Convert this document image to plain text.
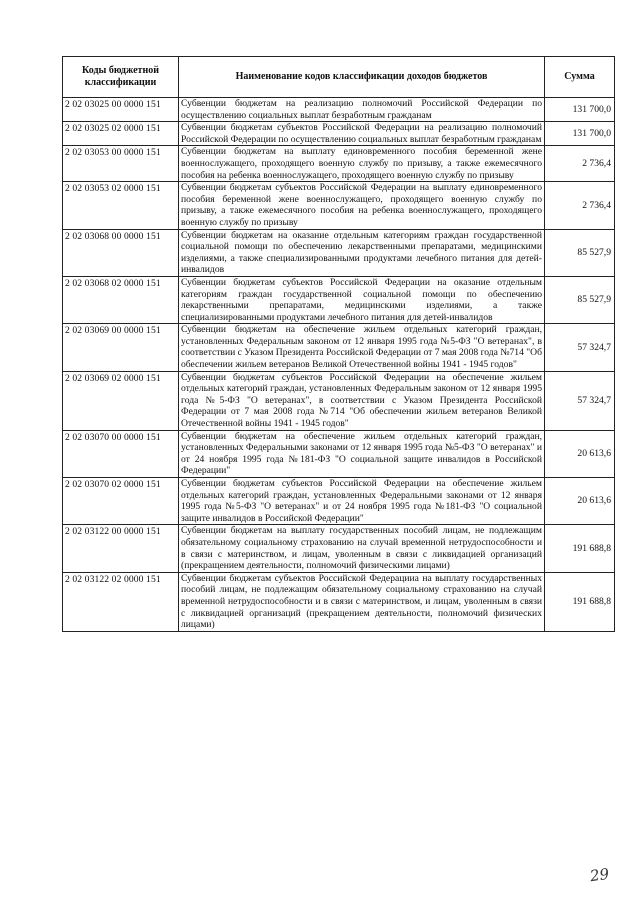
Коды бюджетной классификации	Наименование кодов классификации доходов бюджетов	Сумма
2 02 03025 00 0000 151	Субвенции бюджетам на реализацию полномочий Российской Федерации по осуществлению социальных выплат безработным гражданам	131 700,0
2 02 03025 02 0000 151	Субвенции бюджетам субъектов Российской Федерации на реализацию полномочий Российской Федерации по осуществлению социальных выплат безработным гражданам	131 700,0
2 02 03053 00 0000 151	Субвенции бюджетам на выплату единовременного пособия беременной жене военнослужащего, проходящего военную службу по призыву, а также ежемесячного пособия на ребенка военнослужащего, проходящего военную службу по призыву	2 736,4
2 02 03053 02 0000 151	Субвенции бюджетам субъектов Российской Федерации на выплату единовременного пособия беременной жене военнослужащего, проходящего военную службу по призыву, а также ежемесячного пособия на ребенка военнослужащего, проходящего военную службу по призыву	2 736,4
2 02 03068 00 0000 151	Субвенции бюджетам на оказание отдельным категориям граждан государственной социальной помощи по обеспечению лекарственными препаратами, медицинскими изделиями, а также специализированными продуктами лечебного питания для детей-инвалидов	85 527,9
2 02 03068 02 0000 151	Субвенции бюджетам субъектов Российской Федерации на оказание отдельным категориям граждан государственной социальной помощи по обеспечению лекарственными препаратами, медицинскими изделиями, а также специализированными продуктами лечебного питания для детей-инвалидов	85 527,9
2 02 03069 00 0000 151	Субвенции бюджетам на обеспечение жильем отдельных категорий граждан, установленных Федеральным законом от 12 января 1995 года №5-ФЗ "О ветеранах", в соответствии с Указом Президента Российской Федерации от 7 мая 2008 года №714 "Об обеспечении жильем ветеранов Великой Отечественной войны 1941 - 1945 годов"	57 324,7
2 02 03069 02 0000 151	Субвенции бюджетам субъектов Российской Федерации на обеспечение жильем отдельных категорий граждан, установленных Федеральным законом от 12 января 1995 года №5-ФЗ "О ветеранах", в соответствии с Указом Президента Российской Федерации от 7 мая 2008 года №714 "Об обеспечении жильем ветеранов Великой Отечественной войны 1941 - 1945 годов"	57 324,7
2 02 03070 00 0000 151	Субвенции бюджетам на обеспечение жильем отдельных категорий граждан, установленных Федеральными законами от 12 января 1995 года №5-ФЗ "О ветеранах" и от 24 ноября 1995 года №181-ФЗ "О социальной защите инвалидов в Российской Федерации"	20 613,6
2 02 03070 02 0000 151	Субвенции бюджетам субъектов Российской Федерации на обеспечение жильем отдельных категорий граждан, установленных Федеральными законами от 12 января 1995 года №5-ФЗ "О ветеранах" и от 24 ноября 1995 года №181-ФЗ "О социальной защите инвалидов в Российской Федерации"	20 613,6
2 02 03122 00 0000 151	Субвенции бюджетам на выплату государственных пособий лицам, не подлежащим обязательному социальному страхованию на случай временной нетрудоспособности и в связи с материнством, и лицам, уволенным в связи с ликвидацией организаций (прекращением деятельности, полномочий физическими лицами)	191 688,8
2 02 03122 02 0000 151	Субвенции бюджетам субъектов Российской Федерацииа на выплату государственных пособий лицам, не подлежащим обязательному социальному страхованию на случай временной нетрудоспособности и в связи с материнством, и лицам, уволенным в связи с ликвидацией организаций (прекращением деятельности, полномочий физических лицами)	191 688,8
29
